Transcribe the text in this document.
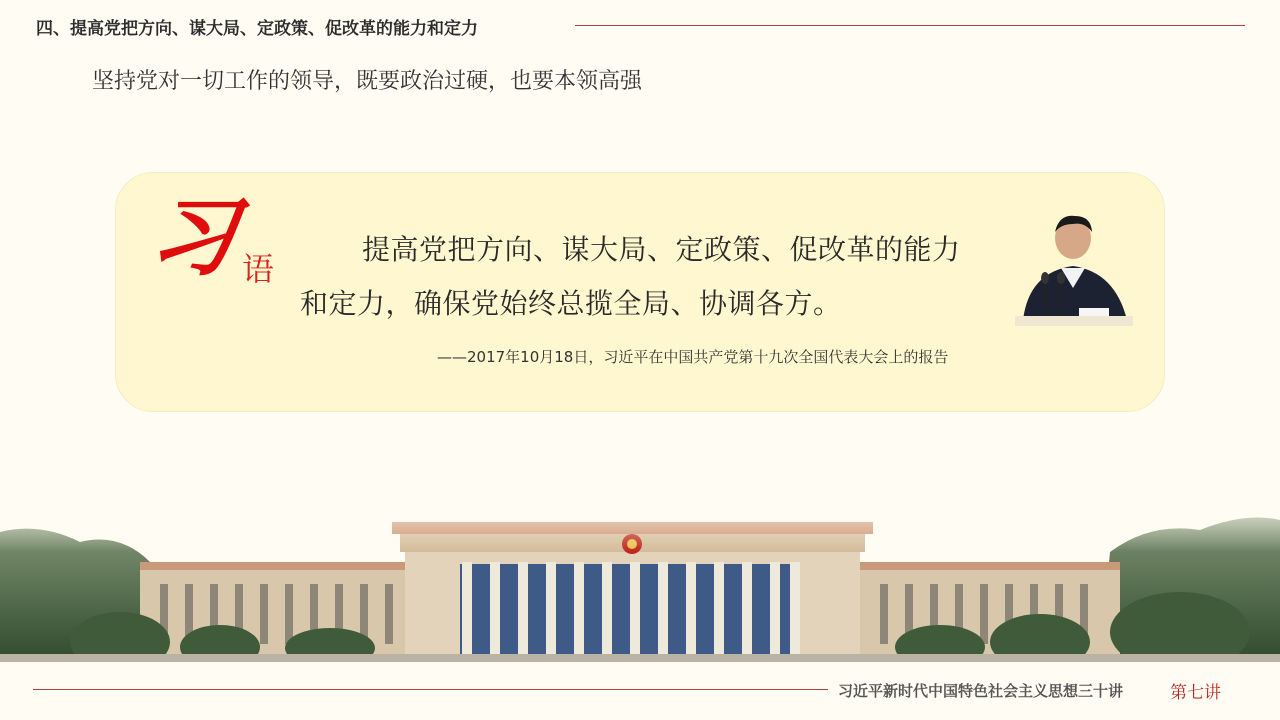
四、提高党把方向、谋大局、定政策、促改革的能力和定力
坚持党对一切工作的领导，既要政治过硬，也要本领高强
习 语
提高党把方向、谋大局、定政策、促改革的能力
和定力，确保党始终总揽全局、协调各方。
——2017年10月18日，习近平在中国共产党第十九次全国代表大会上的报告
习近平新时代中国特色社会主义思想三十讲	第七讲
